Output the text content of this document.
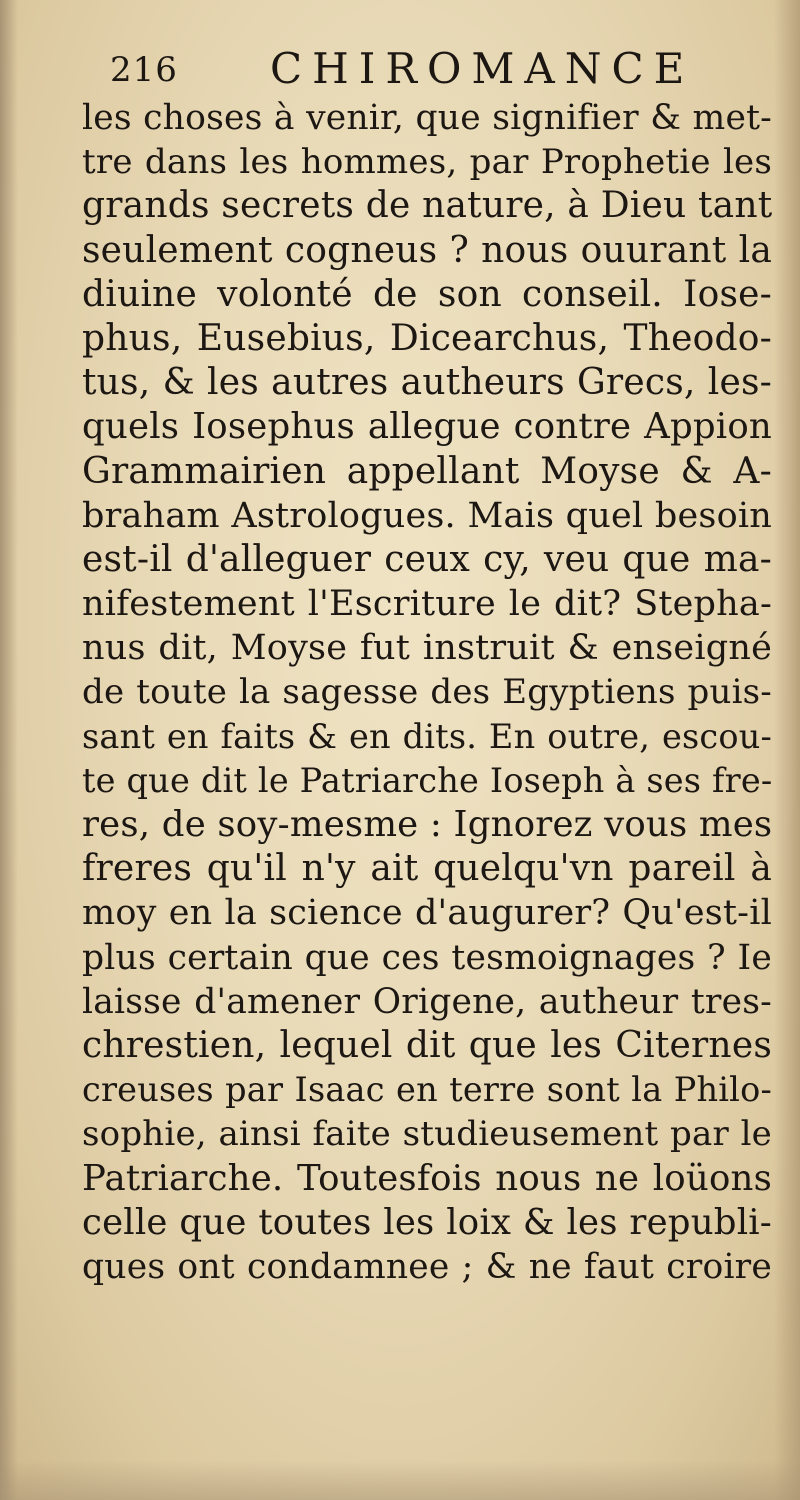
216 CHIROMANCE
les choses à venir, que signifier & met-
tre dans les hommes, par Prophetie les
grands secrets de nature, à Dieu tant
seulement cogneus ? nous ouurant la
diuine volonté de son conseil. Iose-
phus, Eusebius, Dicearchus, Theodo-
tus, & les autres autheurs Grecs, les-
quels Iosephus allegue contre Appion
Grammairien appellant Moyse & A-
braham Astrologues. Mais quel besoin
est-il d'alleguer ceux cy, veu que ma-
nifestement l'Escriture le dit? Stepha-
nus dit, Moyse fut instruit & enseigné
de toute la sagesse des Egyptiens puis-
sant en faits & en dits. En outre, escou-
te que dit le Patriarche Ioseph à ses fre-
res, de soy-mesme : Ignorez vous mes
freres qu'il n'y ait quelqu'vn pareil à
moy en la science d'augurer? Qu'est-il
plus certain que ces tesmoignages ? Ie
laisse d'amener Origene, autheur tres-
chrestien, lequel dit que les Citernes
creuses par Isaac en terre sont la Philo-
sophie, ainsi faite studieusement par le
Patriarche. Toutesfois nous ne loüons
celle que toutes les loix & les republi-
ques ont condamnee ; & ne faut croire
